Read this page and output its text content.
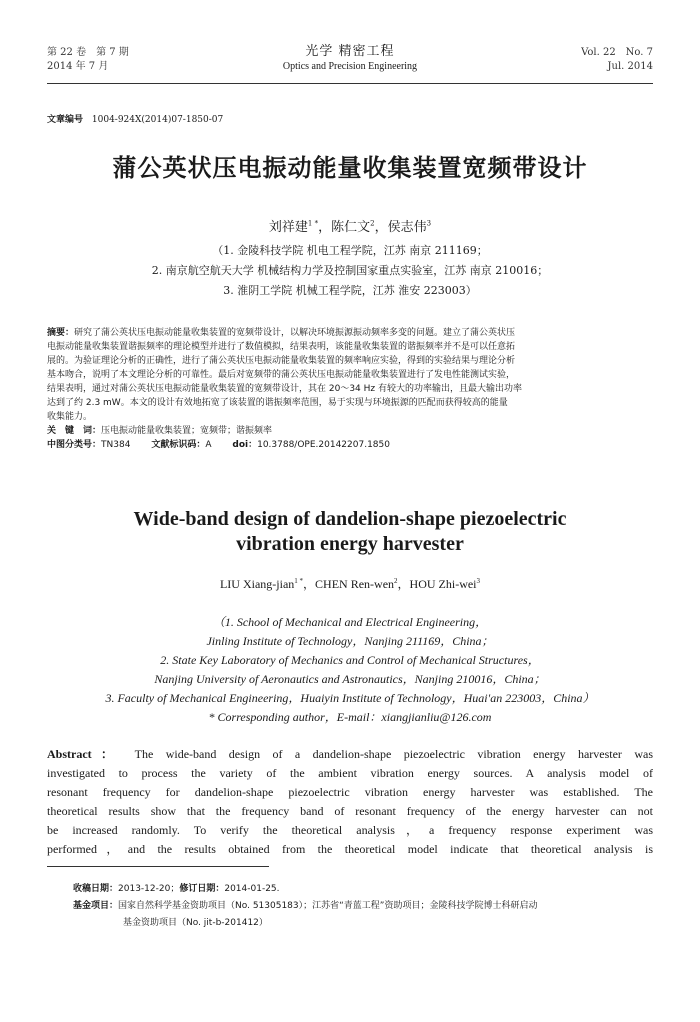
第 22 卷　第 7 期
2014 年 7 月
光学 精密工程
Optics and Precision Engineering
Vol. 22　No. 7
Jul. 2014
文章编号 1004-924X(2014)07-1850-07
蒲公英状压电振动能量收集装置宽频带设计
刘祥建$^{1 *}$，陈仁文$^2$，侯志伟$^3$
（1. 金陵科技学院 机电工程学院，江苏 南京 211169；
2. 南京航空航天大学 机械结构力学及控制国家重点实验室，江苏 南京 210016；
3. 淮阴工学院 机械工程学院，江苏 淮安 223003）
摘要：研究了蒲公英状压电振动能量收集装置的宽频带设计，以解决环境振源振动频率多变的问题。建立了蒲公英状压
电振动能量收集装置谐振频率的理论模型并进行了数值模拟，结果表明，该能量收集装置的谐振频率并不是可以任意拓
展的。为验证理论分析的正确性，进行了蒲公英状压电振动能量收集装置的频率响应实验，得到的实验结果与理论分析
基本吻合，说明了本文理论分析的可靠性。最后对宽频带的蒲公英状压电振动能量收集装置进行了发电性能测试实验，
结果表明，通过对蒲公英状压电振动能量收集装置的宽频带设计，其在 20～34 Hz 有较大的功率输出，且最大输出功率
达到了约 2.3 mW。本文的设计有效地拓宽了该装置的谐振频率范围，易于实现与环境振源的匹配而获得较高的能量
收集能力。
关　键　词：压电振动能量收集装置；宽频带；谐振频率
中图分类号：TN384 文献标识码：A doi：10.3788/OPE.20142207.1850
Wide-band design of dandelion-shape piezoelectric
vibration energy harvester
LIU Xiang-jian$^{1 *}$，CHEN Ren-wen$^2$，HOU Zhi-wei$^3$
（1. School of Mechanical and Electrical Engineering，
Jinling Institute of Technology，Nanjing 211169，China；
2. State Key Laboratory of Mechanics and Control of Mechanical Structures，
Nanjing University of Aeronautics and Astronautics，Nanjing 210016，China；
3. Faculty of Mechanical Engineering，Huaiyin Institute of Technology，Huai'an 223003，China）
* Corresponding author，E-mail：xiangjianliu@126.com
Abstract： The wide-band design of a dandelion-shape piezoelectric vibration energy harvester was
investigated to process the variety of the ambient vibration energy sources. A analysis model of
resonant frequency for dandelion-shape piezoelectric vibration energy harvester was established. The
theoretical results show that the frequency band of resonant frequency of the energy harvester can not
be increased randomly. To verify the theoretical analysis，a frequency response experiment was
performed，and the results obtained from the theoretical model indicate that theoretical analysis is
收稿日期：2013-12-20；修订日期：2014-01-25.
基金项目：国家自然科学基金资助项目（No. 51305183）；江苏省“青蓝工程”资助项目；金陵科技学院博士科研启动
基金资助项目（No. jit-b-201412）
